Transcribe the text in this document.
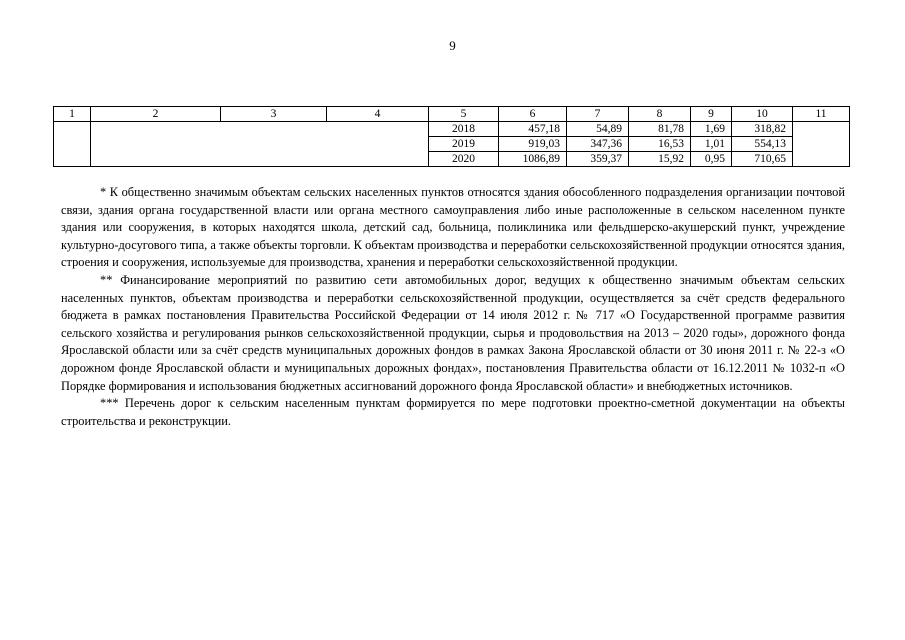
9
1	2	3	4	5	6	7	8	9	10	11
				2018	457,18	54,89	81,78	1,69	318,82	
				2019	919,03	347,36	16,53	1,01	554,13	
				2020	1086,89	359,37	15,92	0,95	710,65	

* К общественно значимым объектам сельских населенных пунктов относятся здания обособленного подразделения организации почтовой связи, здания органа государственной власти или органа местного самоуправления либо иные расположенные в сельском населенном пункте здания или сооружения, в которых находятся школа, детский сад, больница, поликлиника или фельдшерско-акушерский пункт, учреждение культурно-досугового типа, а также объекты торговли. К объектам производства и переработки сельскохозяйственной продукции относятся здания, строения и сооружения, используемые для производства, хранения и переработки сельскохозяйственной продукции.

** Финансирование мероприятий по развитию сети автомобильных дорог, ведущих к общественно значимым объектам сельских населенных пунктов, объектам производства и переработки сельскохозяйственной продукции, осуществляется за счёт средств федерального бюджета в рамках постановления Правительства Российской Федерации от 14 июля 2012 г. № 717 «О Государственной программе развития сельского хозяйства и регулирования рынков сельскохозяйственной продукции, сырья и продовольствия на 2013 – 2020 годы», дорожного фонда Ярославской области или за счёт средств муниципальных дорожных фондов в рамках Закона Ярославской области от 30 июня 2011 г. № 22-з «О дорожном фонде Ярославской области и муниципальных дорожных фондах», постановления Правительства области от 16.12.2011 № 1032-п «О Порядке формирования и использования бюджетных ассигнований дорожного фонда Ярославской области» и внебюджетных источников.

*** Перечень дорог к сельским населенным пунктам формируется по мере подготовки проектно-сметной документации на объекты строительства и реконструкции.
